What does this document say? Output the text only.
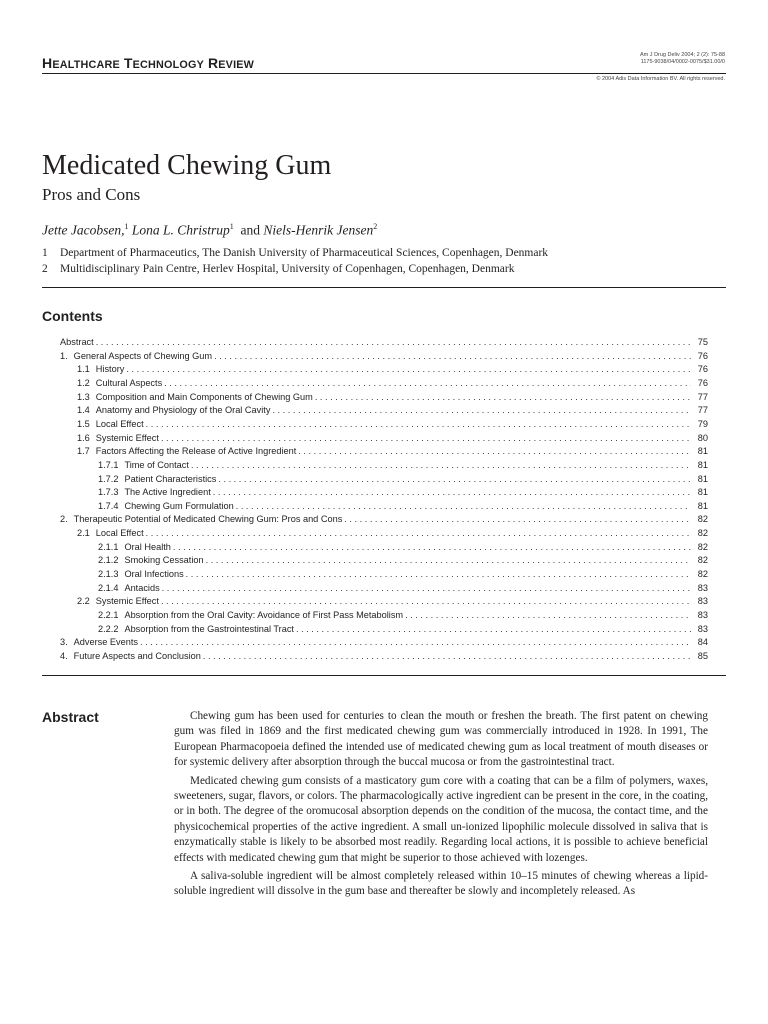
HEALTHCARE TECHNOLOGY REVIEW
Am J Drug Deliv 2004; 2 (2): 75-88
1175-9038/04/0002-0075/$31.00/0
© 2004 Adis Data Information BV. All rights reserved.
Medicated Chewing Gum
Pros and Cons
Jette Jacobsen,$^1$ Lona L. Christrup$^1$ and Niels-Henrik Jensen$^2$
1 Department of Pharmaceutics, The Danish University of Pharmaceutical Sciences, Copenhagen, Denmark
2 Multidisciplinary Pain Centre, Herlev Hospital, University of Copenhagen, Copenhagen, Denmark
Contents
Abstract . . .	75
1. General Aspects of Chewing Gum . . .	76
1.1 History . . .	76
1.2 Cultural Aspects . . .	76
1.3 Composition and Main Components of Chewing Gum . . .	77
1.4 Anatomy and Physiology of the Oral Cavity . . .	77
1.5 Local Effect . . .	79
1.6 Systemic Effect . . .	80
1.7 Factors Affecting the Release of Active Ingredient . . .	81
1.7.1 Time of Contact . . .	81
1.7.2 Patient Characteristics . . .	81
1.7.3 The Active Ingredient . . .	81
1.7.4 Chewing Gum Formulation . . .	81
2. Therapeutic Potential of Medicated Chewing Gum: Pros and Cons . . .	82
2.1 Local Effect . . .	82
2.1.1 Oral Health . . .	82
2.1.2 Smoking Cessation . . .	82
2.1.3 Oral Infections . . .	82
2.1.4 Antacids . . .	83
2.2 Systemic Effect . . .	83
2.2.1 Absorption from the Oral Cavity: Avoidance of First Pass Metabolism . . .	83
2.2.2 Absorption from the Gastrointestinal Tract . . .	83
3. Adverse Events . . .	84
4. Future Aspects and Conclusion . . .	85
Abstract	Chewing gum has been used for centuries to clean the mouth or freshen the breath. The first patent on chewing gum was filed in 1869 and the first medicated chewing gum was commercially introduced in 1928. In 1991, The European Pharmacopoeia defined the intended use of medicated chewing gum as local treatment of mouth diseases or for systemic delivery after absorption through the buccal mucosa or from the gastrointestinal tract.

Medicated chewing gum consists of a masticatory gum core with a coating that can be a film of polymers, waxes, sweeteners, sugar, flavors, or colors. The pharmacologically active ingredient can be present in the core, in the coating, or in both. The degree of the oromucosal absorption depends on the condition of the mucosa, the contact time, and the physicochemical properties of the active ingredient. A small un-ionized lipophilic molecule dissolved in saliva that is enzymatically stable is likely to be absorbed most readily. Regarding local actions, it is possible to achieve beneficial effects with medicated chewing gum that might be superior to those achieved with lozenges.

A saliva-soluble ingredient will be almost completely released within 10–15 minutes of chewing whereas a lipid-soluble ingredient will dissolve in the gum base and thereafter be slowly and incompletely released. As
